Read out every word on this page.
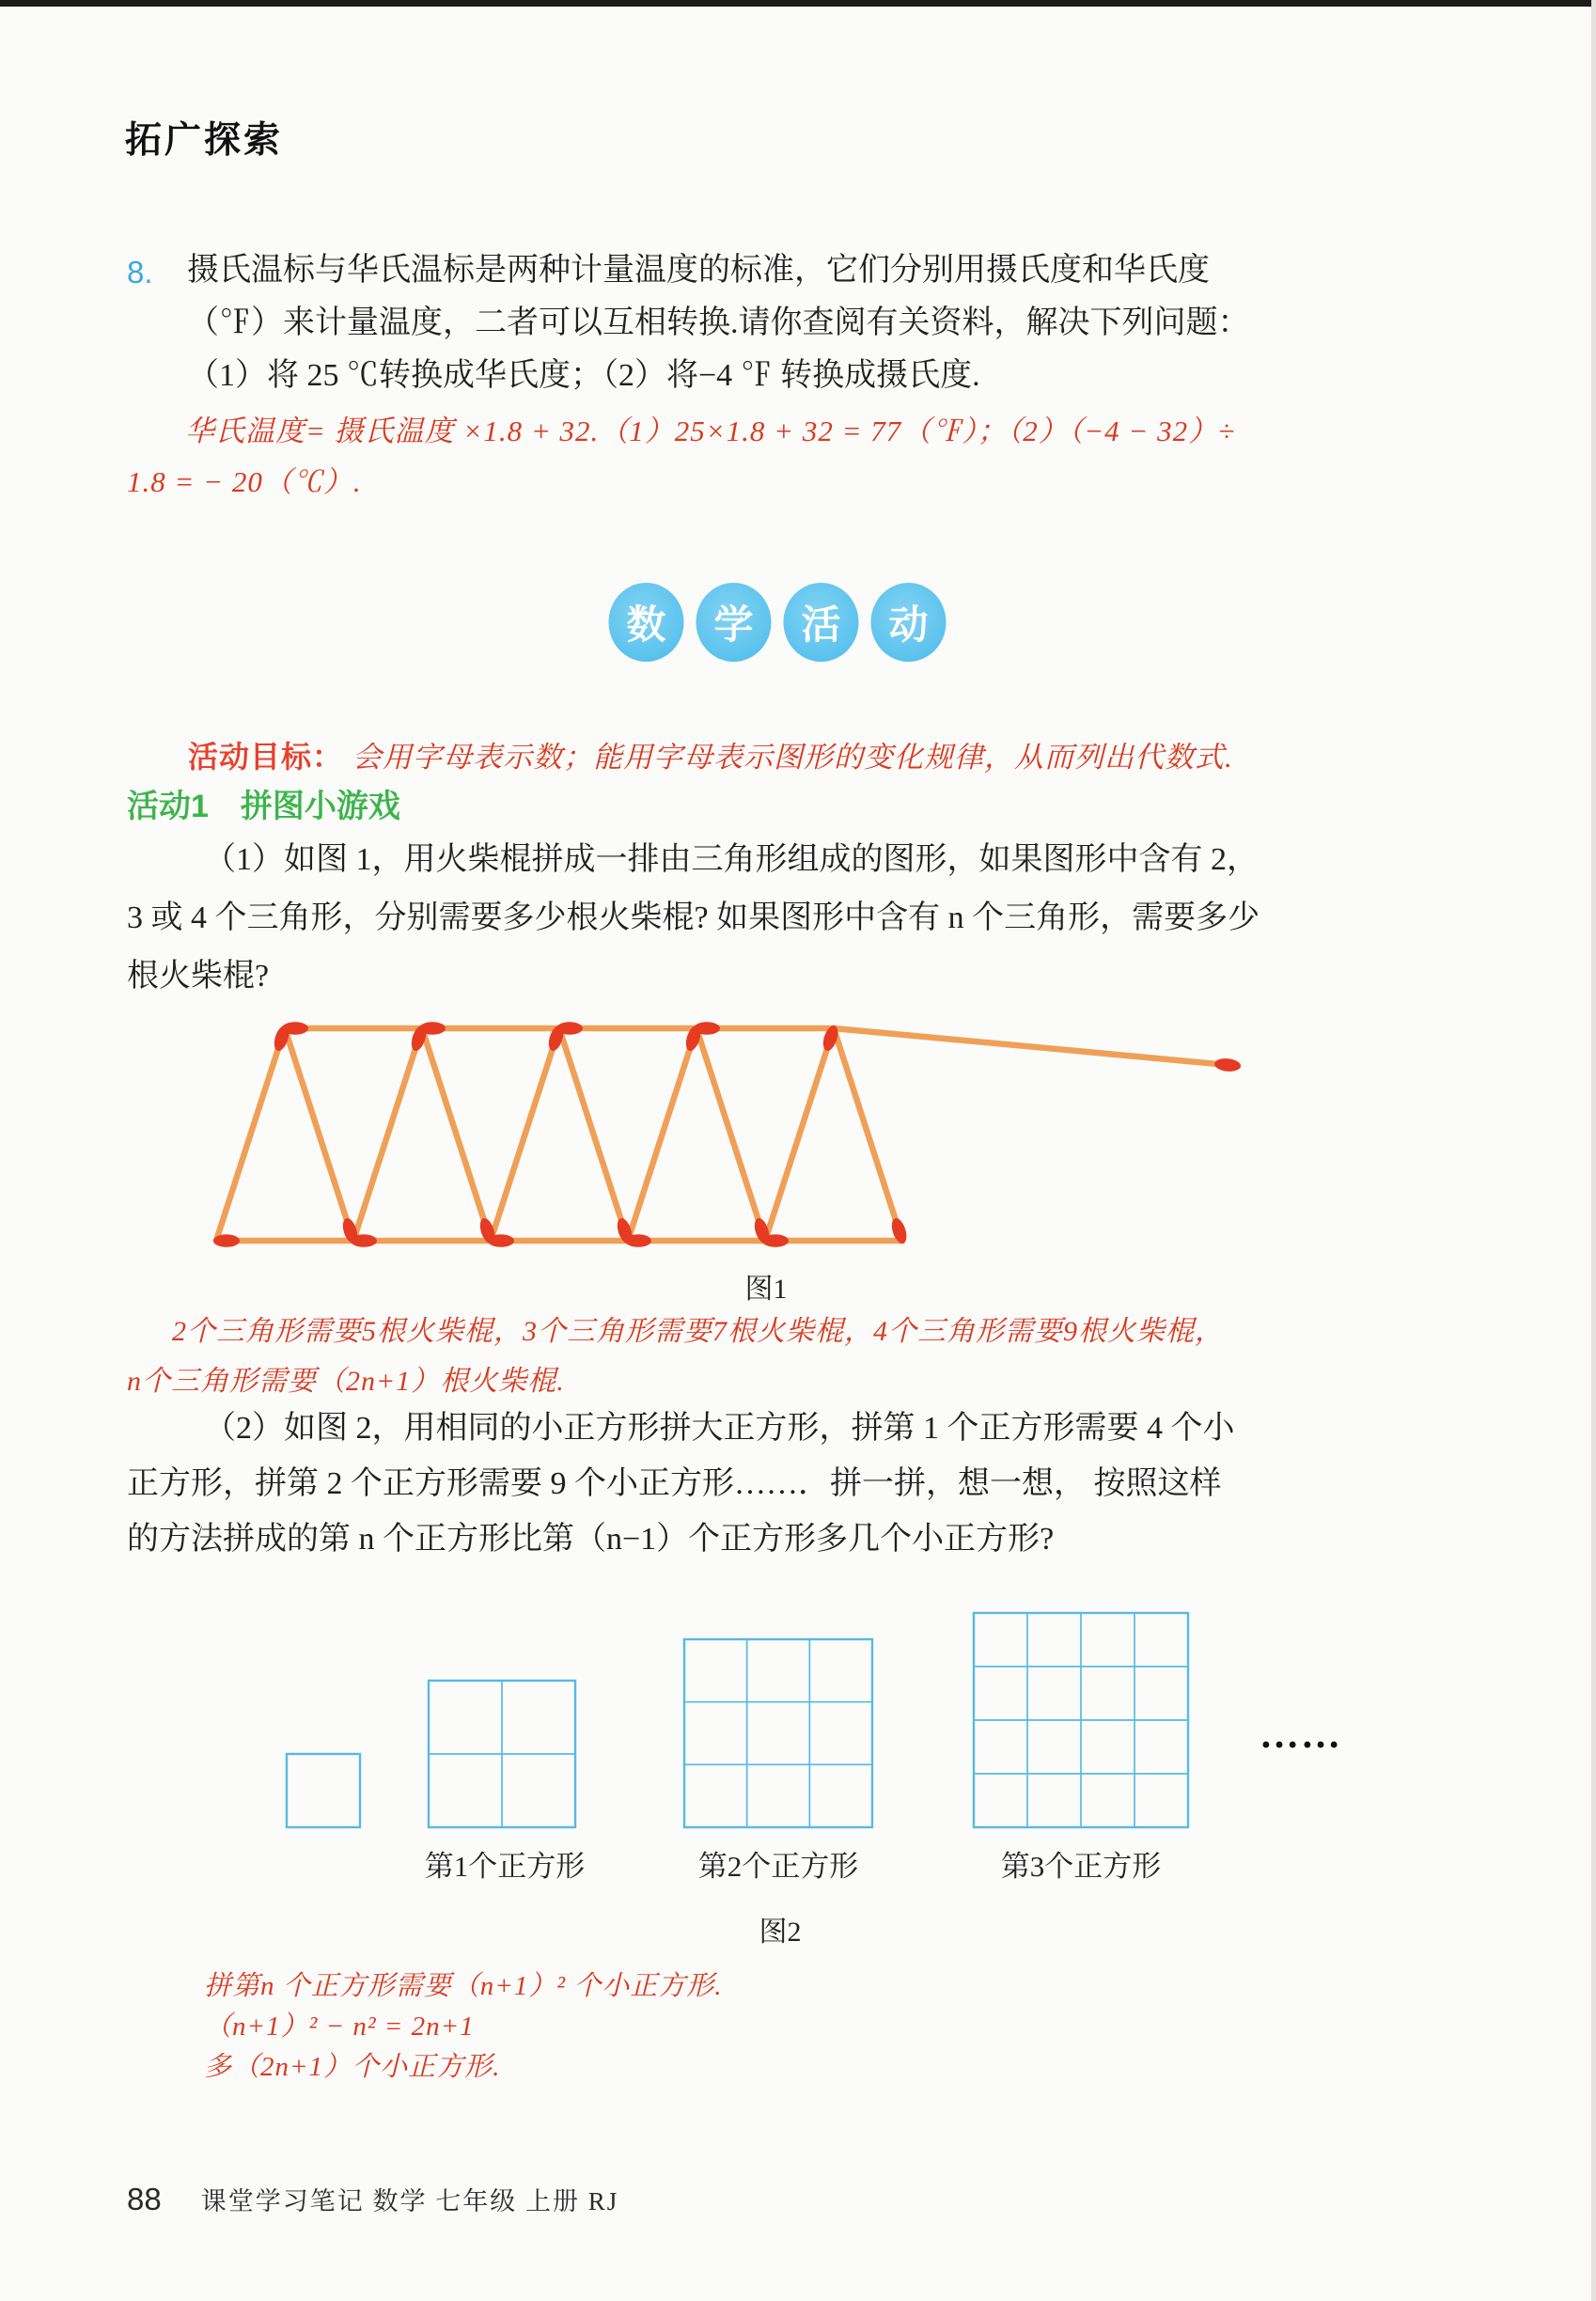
拓广探索
8. 摄氏温标与华氏温标是两种计量温度的标准，它们分别用摄氏度和华氏度
（℉）来计量温度，二者可以互相转换.请你查阅有关资料，解决下列问题：
（1）将 25 ℃转换成华氏度；（2）将−4 ℉ 转换成摄氏度.
华氏温度= 摄氏温度 ×1.8 + 32.（1）25×1.8 + 32 = 77（℉）；（2）（−4 − 32）÷
1.8 = − 20（℃）.
数 学 活 动
活动目标： 会用字母表示数；能用字母表示图形的变化规律，从而列出代数式.
活动1 拼图小游戏
（1）如图 1，用火柴棍拼成一排由三角形组成的图形，如果图形中含有 2，
3 或 4 个三角形，分别需要多少根火柴棍? 如果图形中含有 n 个三角形，需要多少
根火柴棍?
图1
2个三角形需要5根火柴棍，3个三角形需要7根火柴棍，4个三角形需要9根火柴棍，
n个三角形需要（2n+1）根火柴棍.
（2）如图 2，用相同的小正方形拼大正方形，拼第 1 个正方形需要 4 个小
正方形，拼第 2 个正方形需要 9 个小正方形……．拼一拼，想一想， 按照这样
的方法拼成的第 n 个正方形比第（n−1）个正方形多几个小正方形?
第1个正方形	第2个正方形	第3个正方形
……
图2
拼第n 个正方形需要（n+1）² 个小正方形.
（n+1）² − n² = 2n+1
多（2n+1）个小正方形.
88 课堂学习笔记 数学 七年级 上册 RJ
